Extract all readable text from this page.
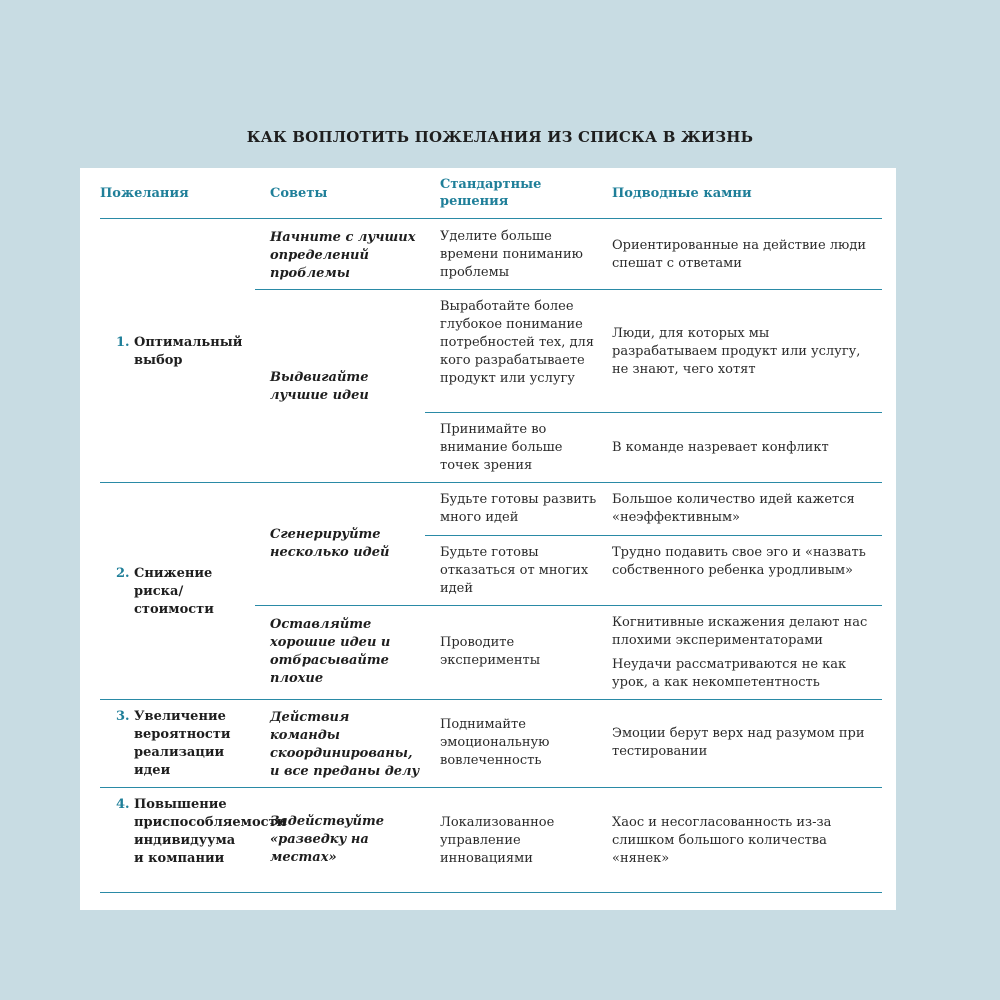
КАК ВОПЛОТИТЬ ПОЖЕЛАНИЯ ИЗ СПИСКА В ЖИЗНЬ
Пожелания	Советы
Стандартные решения
Подводные камни
1. Оптимальный выбор
2. Снижение риска/ стоимости
3. Увеличение вероятности реализации идеи
4. Повышение приспособляемости индивидуума и компании
Начните с лучших определений проблемы
Выдвигайте лучшие идеи
Сгенерируйте несколько идей
Оставляйте хорошие идеи и отбрасывайте плохие
Действия команды скоординированы, и все преданы делу
Задействуйте «разведку на местах»
Уделите больше времени пониманию проблемы
Выработайте более глубокое понимание потребностей тех, для кого разрабатываете продукт или услугу
Принимайте во внимание больше точек зрения
Будьте готовы развить много идей
Будьте готовы отказаться от многих идей
Проводите эксперименты
Поднимайте эмоциональную вовлеченность
Локализованное управление инновациями
Ориентированные на действие люди спешат с ответами
Люди, для которых мы разрабатываем продукт или услугу, не знают, чего хотят
В команде назревает конфликт
Большое количество идей кажется «неэффективным»
Трудно подавить свое эго и «назвать собственного ребенка уродливым»
Когнитивные искажения делают нас плохими экспериментаторами
Неудачи рассматриваются не как урок, а как некомпетентность
Эмоции берут верх над разумом при тестировании
Хаос и несогласованность из-за слишком большого количества «нянек»
